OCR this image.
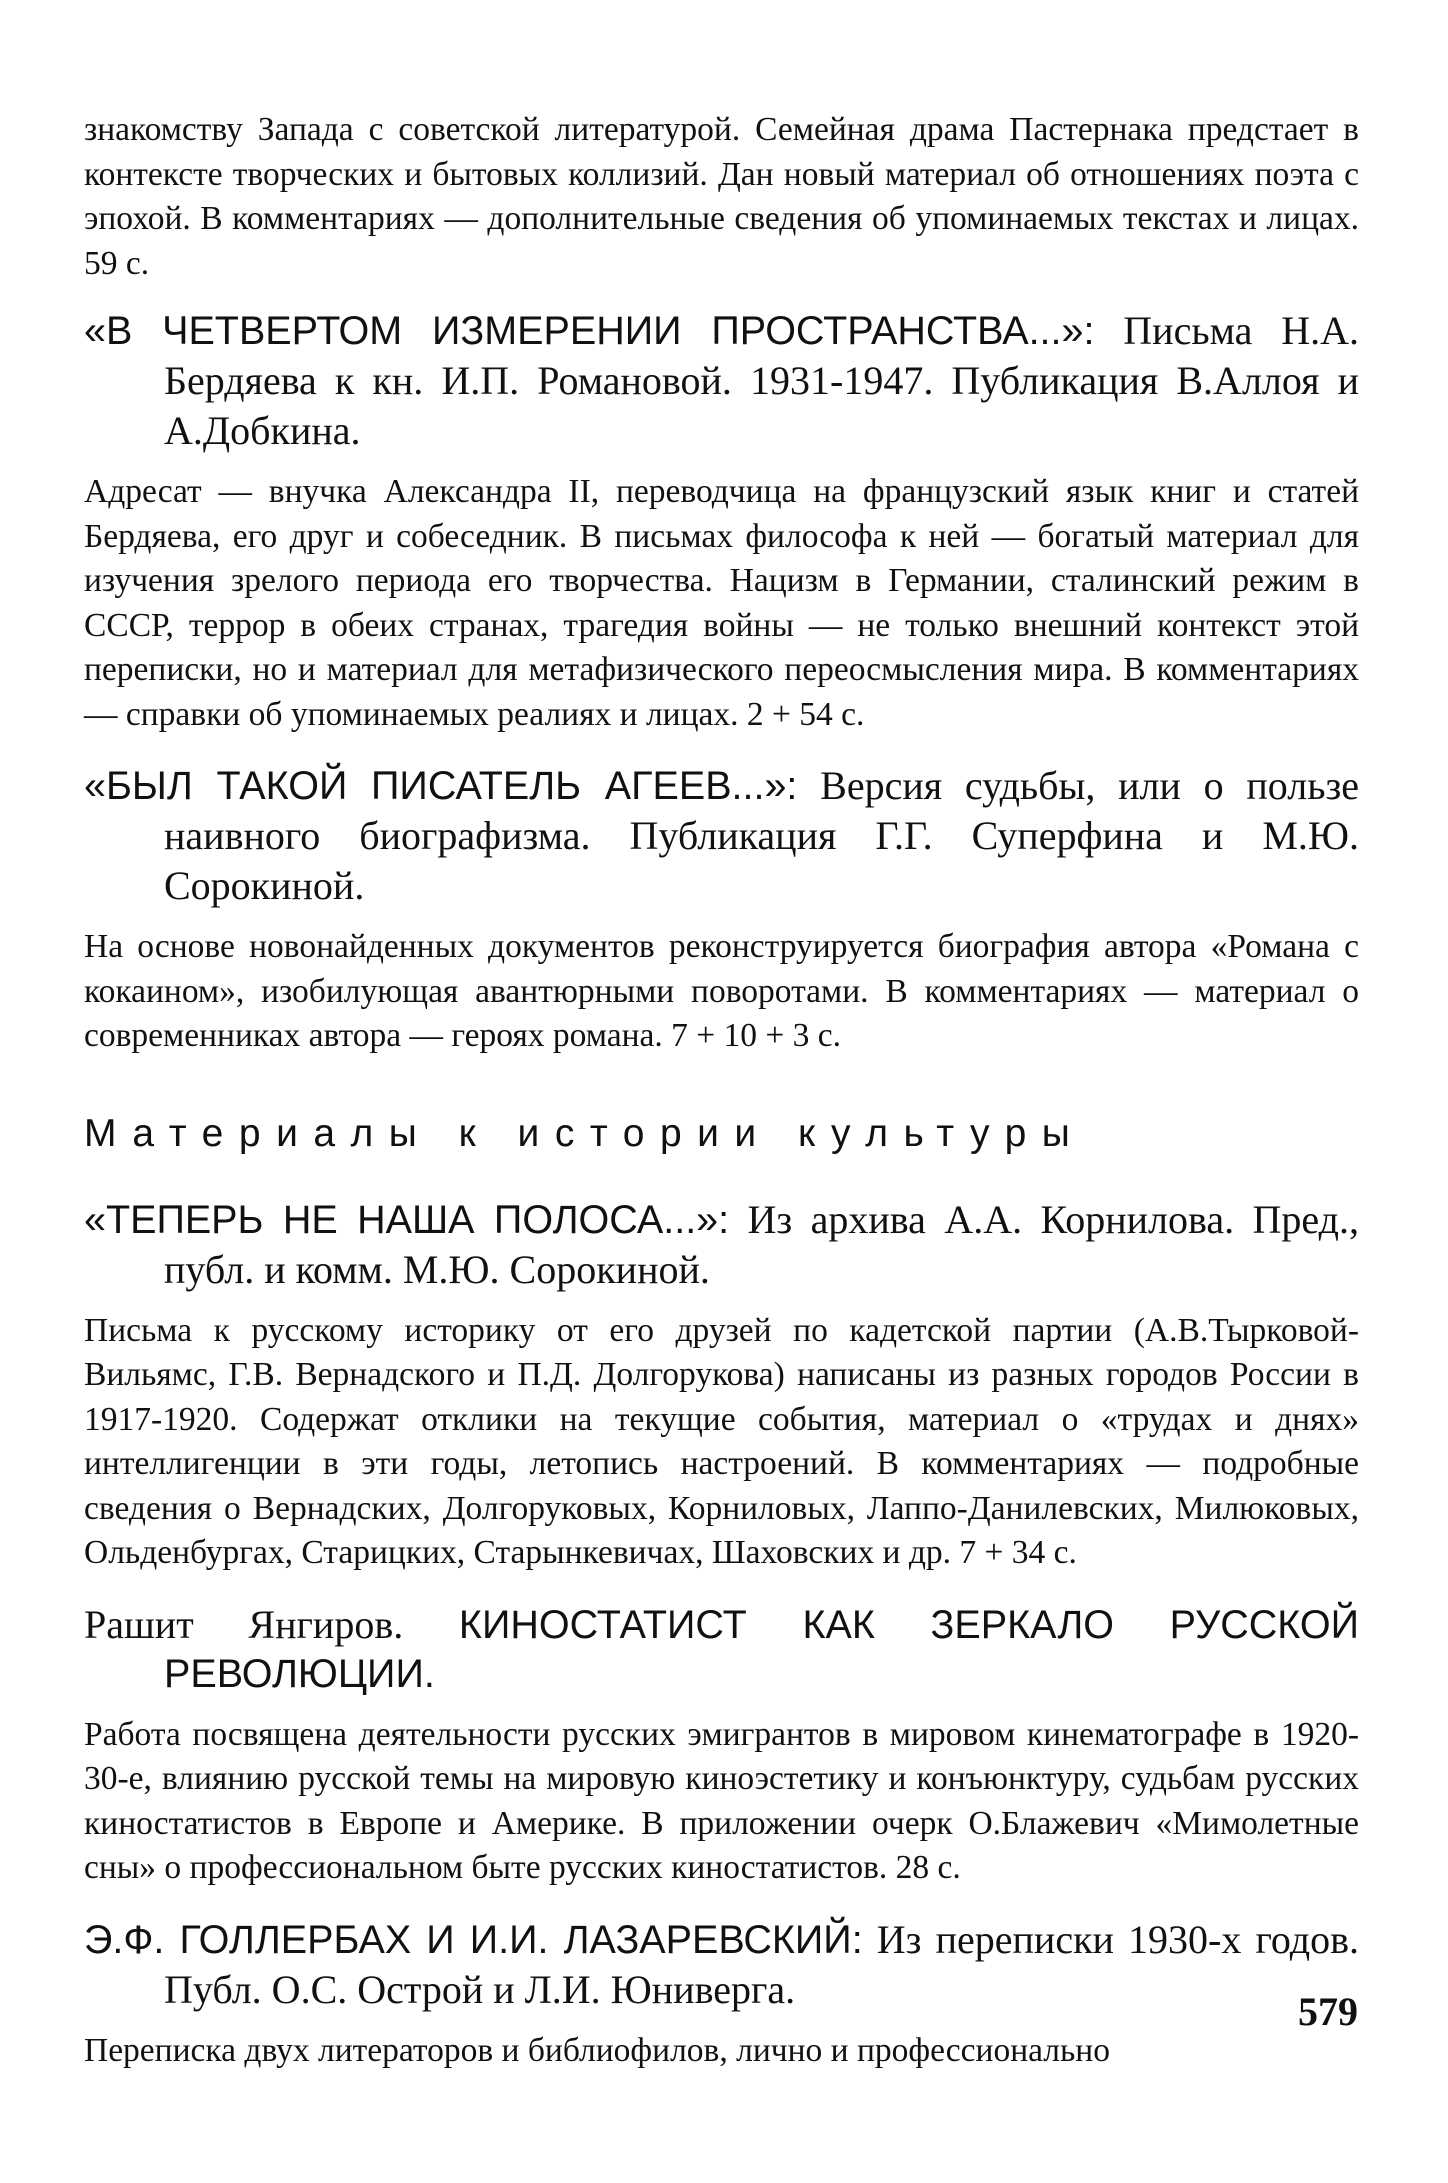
знакомству Запада с советской литературой. Семейная драма Пастернака предстает в контексте творческих и бытовых коллизий. Дан новый материал об отношениях поэта с эпохой. В комментариях — дополнительные сведения об упоминаемых текстах и лицах. 59 с.

«В ЧЕТВЕРТОМ ИЗМЕРЕНИИ ПРОСТРАНСТВА...»: Письма Н.А. Бердяева к кн. И.П. Романовой. 1931-1947. Публикация В.Аллоя и А.Добкина.

Адресат — внучка Александра II, переводчица на французский язык книг и статей Бердяева, его друг и собеседник. В письмах философа к ней — богатый материал для изучения зрелого периода его творчества. Нацизм в Германии, сталинский режим в СССР, террор в обеих странах, трагедия войны — не только внешний контекст этой переписки, но и материал для метафизического переосмысления мира. В комментариях — справки об упоминаемых реалиях и лицах. 2 + 54 с.

«БЫЛ ТАКОЙ ПИСАТЕЛЬ АГЕЕВ...»: Версия судьбы, или о пользе наивного биографизма. Публикация Г.Г. Суперфина и М.Ю. Сорокиной.

На основе новонайденных документов реконструируется биография автора «Романа с кокаином», изобилующая авантюрными поворотами. В комментариях — материал о современниках автора — героях романа. 7 + 10 + 3 с.

Материалы к истории культуры
«ТЕПЕРЬ НЕ НАША ПОЛОСА...»: Из архива А.А. Корнилова. Пред., публ. и комм. М.Ю. Сорокиной.

Письма к русскому историку от его друзей по кадетской партии (А.В.Тырковой-Вильямс, Г.В. Вернадского и П.Д. Долгорукова) написаны из разных городов России в 1917-1920. Содержат отклики на текущие события, материал о «трудах и днях» интеллигенции в эти годы, летопись настроений. В комментариях — подробные сведения о Вернадских, Долгоруковых, Корниловых, Лаппо-Данилевских, Милюковых, Ольденбургах, Старицких, Старынкевичах, Шаховских и др. 7 + 34 с.

Рашит Янгиров. КИНОСТАТИСТ КАК ЗЕРКАЛО РУССКОЙ РЕВОЛЮЦИИ.

Работа посвящена деятельности русских эмигрантов в мировом кинематографе в 1920-30-е, влиянию русской темы на мировую киноэстетику и конъюнктуру, судьбам русских киностатистов в Европе и Америке. В приложении очерк О.Блажевич «Мимолетные сны» о профессиональном быте русских киностатистов. 28 с.

Э.Ф. ГОЛЛЕРБАХ И И.И. ЛАЗАРЕВСКИЙ: Из переписки 1930-х годов. Публ. О.С. Острой и Л.И. Юниверга.

Переписка двух литераторов и библиофилов, лично и профессионально

579
